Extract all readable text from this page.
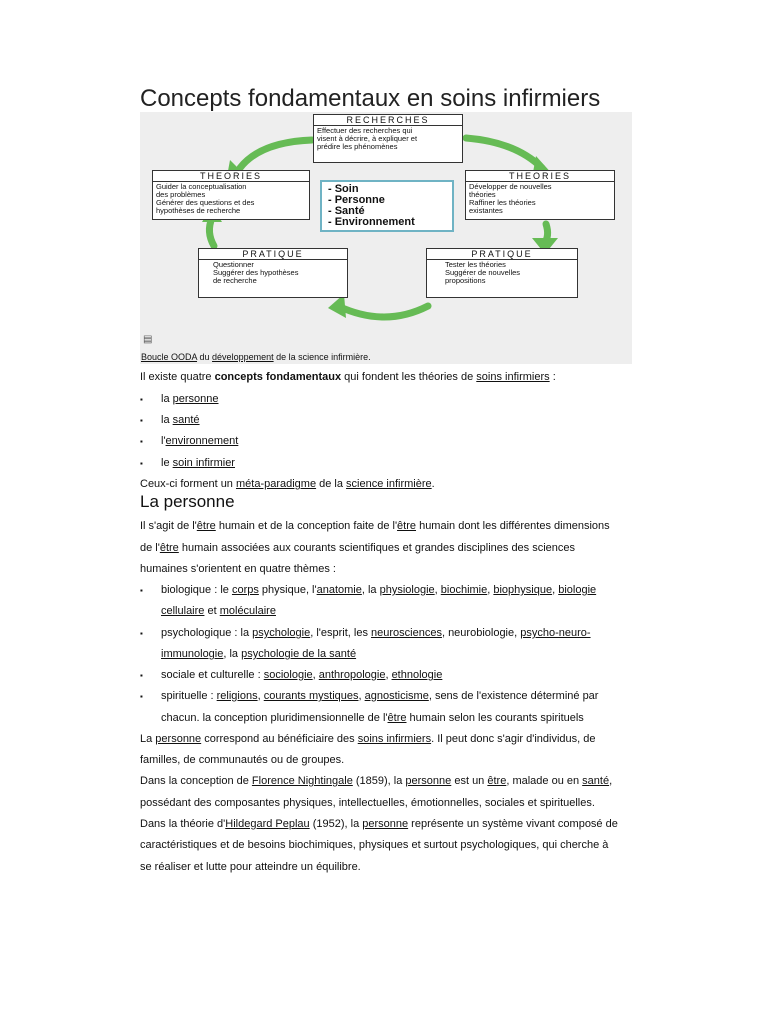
Concepts fondamentaux en soins infirmiers
RECHERCHES
Effectuer des recherches qui
visent à décrire, à expliquer et
prédire les phénomènes
THEORIES
Guider la conceptualisation
des problèmes
Générer des questions et des
hypothèses de recherche
THEORIES
Développer de nouvelles
théories
Raffiner les théories
existantes
PRATIQUE
Questionner
Suggérer des hypothèses
de recherche
PRATIQUE
Tester les théories
Suggérer de nouvelles
propositions
- Soin
- Personne
- Santé
- Environnement
▤
Boucle OODA du développement de la science infirmière.
Il existe quatre concepts fondamentaux qui fondent les théories de soins infirmiers :
▪ la personne
▪ la santé
▪ l'environnement
▪ le soin infirmier
Ceux-ci forment un méta-paradigme de la science infirmière.
La personne
Il s'agit de l'être humain et de la conception faite de l'être humain dont les différentes dimensions
de l'être humain associées aux courants scientifiques et grandes disciplines des sciences
humaines s'orientent en quatre thèmes :
▪ biologique : le corps physique, l'anatomie, la physiologie, biochimie, biophysique, biologie
cellulaire et moléculaire
▪ psychologique : la psychologie, l'esprit, les neurosciences, neurobiologie, psycho-neuro-
immunologie, la psychologie de la santé
▪ sociale et culturelle : sociologie, anthropologie, ethnologie
▪ spirituelle : religions, courants mystiques, agnosticisme, sens de l'existence déterminé par
chacun. la conception pluridimensionnelle de l'être humain selon les courants spirituels
La personne correspond au bénéficiaire des soins infirmiers. Il peut donc s'agir d'individus, de
familles, de communautés ou de groupes.
Dans la conception de Florence Nightingale (1859), la personne est un être, malade ou en santé,
possédant des composantes physiques, intellectuelles, émotionnelles, sociales et spirituelles.
Dans la théorie d'Hildegard Peplau (1952), la personne représente un système vivant composé de
caractéristiques et de besoins biochimiques, physiques et surtout psychologiques, qui cherche à
se réaliser et lutte pour atteindre un équilibre.
